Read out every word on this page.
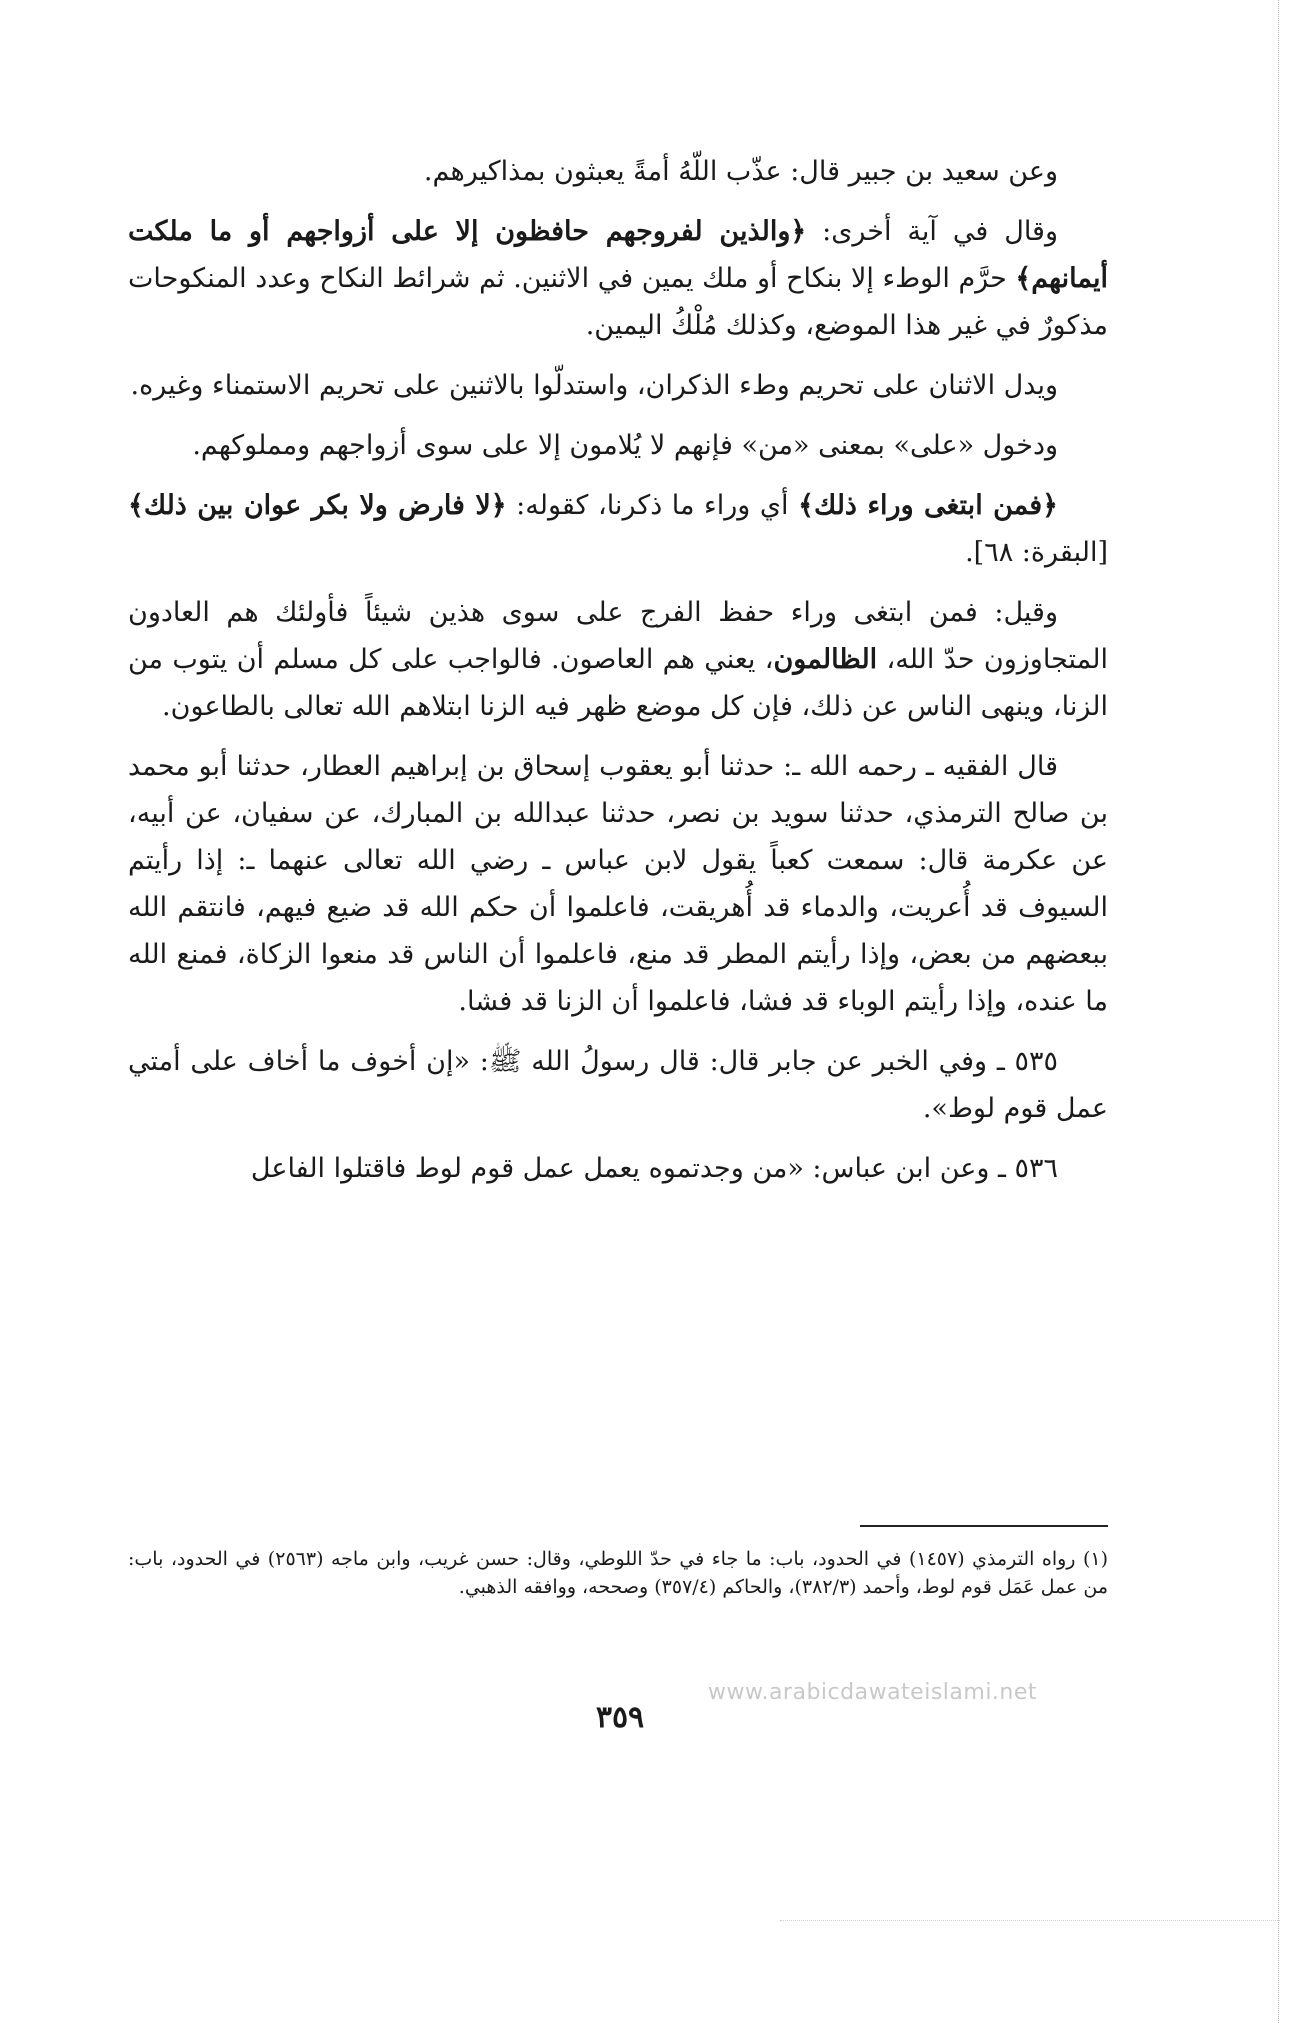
وعن سعيد بن جبير قال: عذّب اللّهُ أمةً يعبثون بمذاكيرهم.

وقال في آية أخرى: ﴿والذين لفروجهم حافظون إلا على أزواجهم أو ما ملكت أيمانهم﴾ حرَّم الوطء إلا بنكاح أو ملك يمين في الاثنين. ثم شرائط النكاح وعدد المنكوحات مذكورٌ في غير هذا الموضع، وكذلك مُلْكُ اليمين.

ويدل الاثنان على تحريم وطء الذكران، واستدلّوا بالاثنين على تحريم الاستمناء وغيره.

ودخول «على» بمعنى «من» فإنهم لا يُلامون إلا على سوى أزواجهم ومملوكهم.

﴿فمن ابتغى وراء ذلك﴾ أي وراء ما ذكرنا، كقوله: ﴿لا فارض ولا بكر عوان بين ذلك﴾ [البقرة: ٦٨].

وقيل: فمن ابتغى وراء حفظ الفرج على سوى هذين شيئاً فأولئك هم العادون المتجاوزون حدّ الله، الظالمون، يعني هم العاصون. فالواجب على كل مسلم أن يتوب من الزنا، وينهى الناس عن ذلك، فإن كل موضع ظهر فيه الزنا ابتلاهم الله تعالى بالطاعون.

قال الفقيه ـ رحمه الله ـ: حدثنا أبو يعقوب إسحاق بن إبراهيم العطار، حدثنا أبو محمد بن صالح الترمذي، حدثنا سويد بن نصر، حدثنا عبدالله بن المبارك، عن سفيان، عن أبيه، عن عكرمة قال: سمعت كعباً يقول لابن عباس ـ رضي الله تعالى عنهما ـ: إذا رأيتم السيوف قد أُعريت، والدماء قد أُهريقت، فاعلموا أن حكم الله قد ضيع فيهم، فانتقم الله ببعضهم من بعض، وإذا رأيتم المطر قد منع، فاعلموا أن الناس قد منعوا الزكاة، فمنع الله ما عنده، وإذا رأيتم الوباء قد فشا، فاعلموا أن الزنا قد فشا.

٥٣٥ ـ وفي الخبر عن جابر قال: قال رسولُ الله ﷺ: «إن أخوف ما أخاف على أمتي عمل قوم لوط».

٥٣٦ ـ وعن ابن عباس: «من وجدتموه يعمل عمل قوم لوط فاقتلوا الفاعل

(١) رواه الترمذي (١٤٥٧) في الحدود، باب: ما جاء في حدّ اللوطي، وقال: حسن غريب، وابن ماجه (٢٥٦٣) في الحدود، باب: من عمل عَمَل قوم لوط، وأحمد (٣٨٢/٣)، والحاكم (٣٥٧/٤) وصححه، ووافقه الذهبي.
www.arabicdawateislami.net
٣٥٩
